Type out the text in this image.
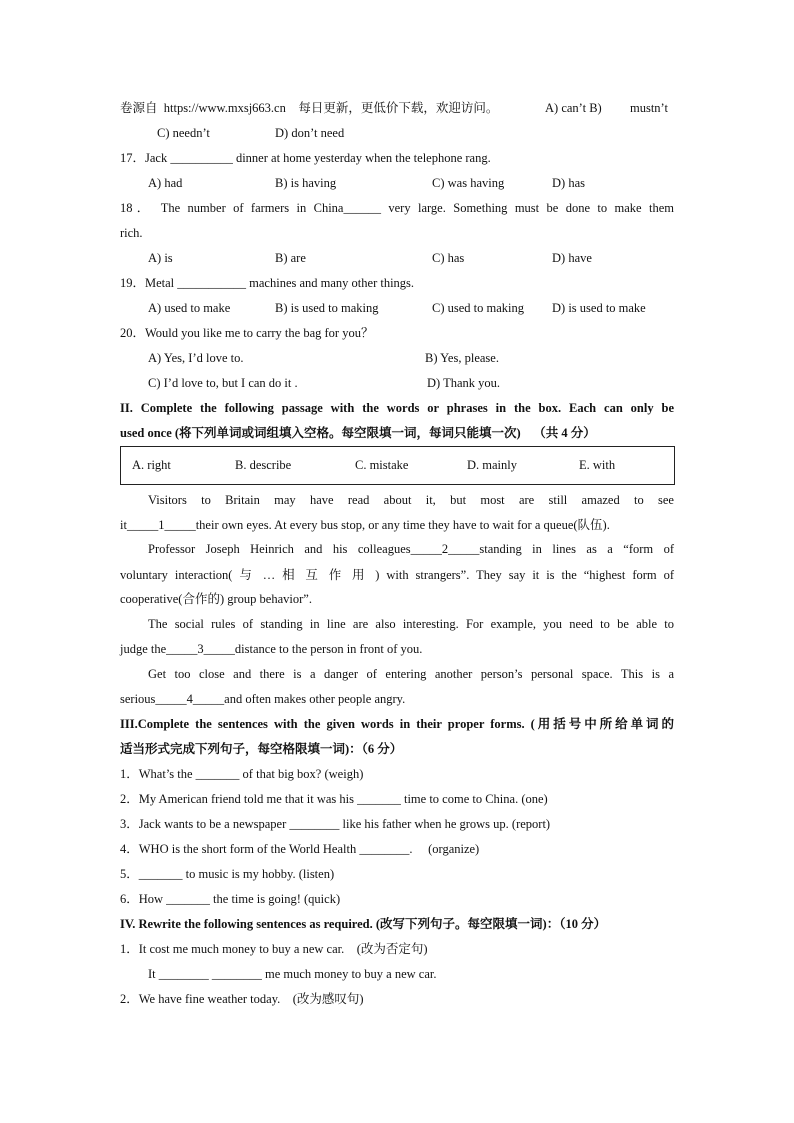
卷源自  https://www.mxsj663.cn    每日更新，更低价下载，欢迎访问。	A) can’t B) mustn’t
C) needn’t	D) don’t need
17．Jack __________ dinner at home yesterday when the telephone rang.
A) had	B) is having	C) was having	D) has
18． The number of farmers in China______ very large. Something must be done to make them
rich.
A) is	B) are	C) has	D) have
19．Metal ___________ machines and many other things.
A) used to make	B) is used to making	C) used to making D) is used to make
20．Would you like me to carry the bag for you？
A) Yes, I’d love to.	B) Yes, please.
C) I’d love to, but I can do it .	D) Thank you.
II. Complete the following passage with the words or phrases in the box. Each can only be
used once (将下列单词或词组填入空格。每空限填一词，每词只能填一次)    （共 4 分）
A. right	B. describe	C. mistake	D. mainly	E. with
Visitors to Britain may have read about it, but most are still amazed to see
it_____1_____their own eyes. At every bus stop, or any time they have to wait for a queue(队伍).
Professor Joseph Heinrich and his colleagues_____2_____standing in lines as a “form of
voluntary interaction( 与 … 相 互 作 用 ) with strangers”. They say it is the “highest form of
cooperative(合作的) group behavior”.
The social rules of standing in line are also interesting. For example, you need to be able to
judge the_____3_____distance to the person in front of you.
Get too close and there is a danger of entering another person’s personal space. This is a
serious_____4_____and often makes other people angry.
III.Complete the sentences with the given words in their proper forms. (用括号中所给单词的
适当形式完成下列句子，每空格限填一词)：（6 分）
1．What’s the _______ of that big box? (weigh)
2．My American friend told me that it was his _______ time to come to China. (one)
3．Jack wants to be a newspaper ________ like his father when he grows up. (report)
4．WHO is the short form of the World Health ________.     (organize)
5．_______ to music is my hobby. (listen)
6．How _______ the time is going! (quick)
IV. Rewrite the following sentences as required. (改写下列句子。每空限填一词)：（10 分）
1．It cost me much money to buy a new car.    (改为否定句)
It ________ ________ me much money to buy a new car.
2．We have fine weather today.    (改为感叹句)
